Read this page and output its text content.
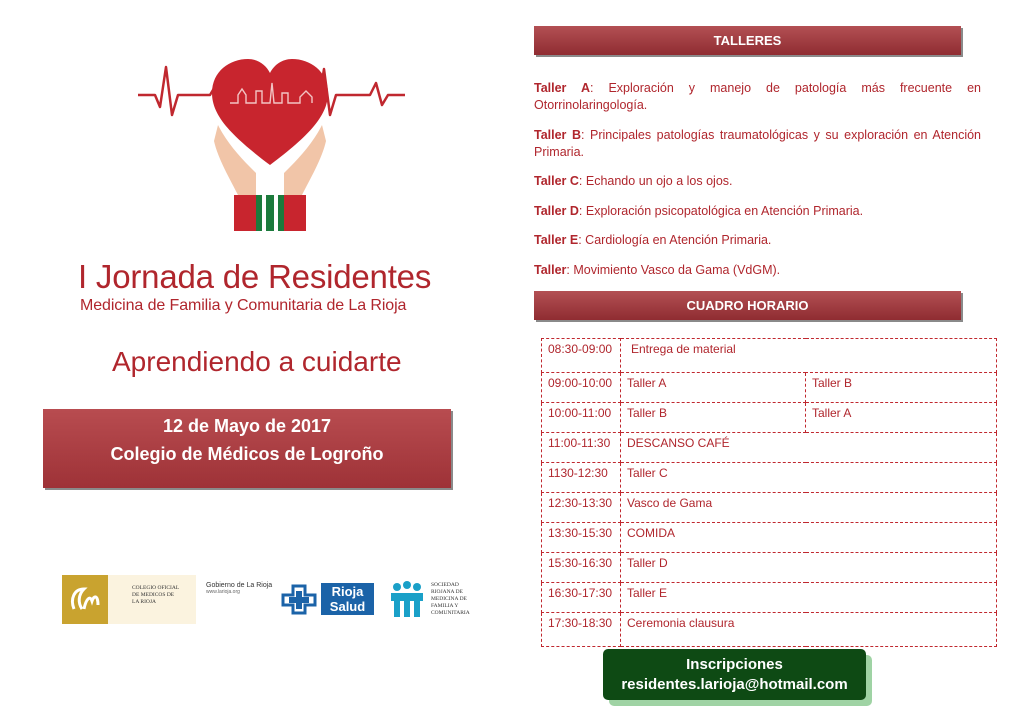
I Jornada de Residentes
Medicina de Familia y Comunitaria de La Rioja
Aprendiendo a cuidarte
12 de Mayo de 2017
Colegio de Médicos de Logroño
COLEGIO OFICIAL
DE MEDICOS DE
LA RIOJA
Gobierno de La Rioja
www.larioja.org	Rioja
Salud
SOCIEDAD
RIOJANA DE
MEDICINA DE
FAMILIA Y
COMUNITARIA
TALLERES

Taller A: Exploración y manejo de patología más frecuente en Otorrinolaringología.

Taller B: Principales patologías traumatológicas y su exploración en Atención Primaria.

Taller C: Echando un ojo a los ojos.

Taller D: Exploración psicopatológica en Atención Primaria.

Taller E: Cardiología en Atención Primaria.

Taller: Movimiento Vasco da Gama (VdGM).

CUADRO HORARIO
08:30-09:00	Entrega de material	
09:00-10:00	Taller A	Taller B
10:00-11:00	Taller B	Taller A
11:00-11:30	DESCANSO CAFÉ	
1130-12:30	Taller C	
12:30-13:30	Vasco de Gama	
13:30-15:30	COMIDA	
15:30-16:30	Taller D	
16:30-17:30	Taller E	
17:30-18:30	Ceremonia clausura	
Inscripciones
residentes.larioja@hotmail.com
